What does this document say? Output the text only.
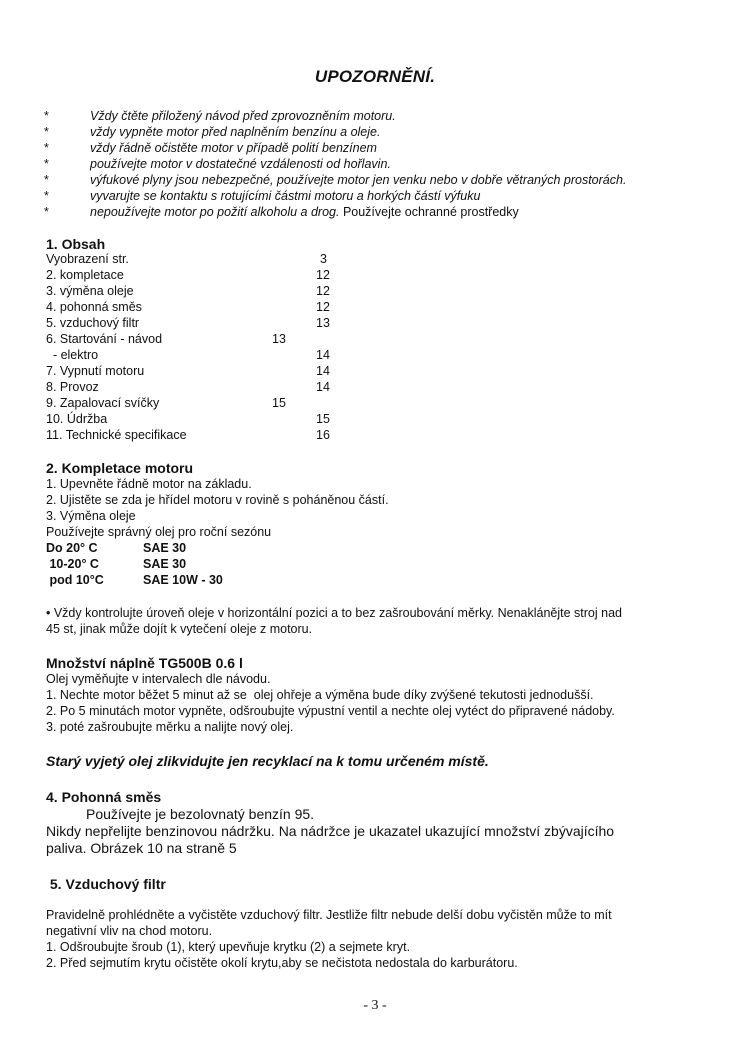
UPOZORNĚNÍ.
*	Vždy čtěte přiložený návod před zprovozněním motoru.
*	vždy vypněte motor před naplněním benzínu a oleje.
*	vždy řádně očistěte motor v případě polití benzínem
*	používejte motor v dostatečné vzdálenosti od hořlavin.
*	výfukové plyny jsou nebezpečné, používejte motor jen venku nebo v dobře větraných prostorách.
*	vyvarujte se kontaktu s rotujícími částmi motoru a horkých částí výfuku
*	nepoužívejte motor po požití alkoholu a drog. Používejte ochranné prostředky
1. Obsah
Vyobrazení str.	3
2. kompletace	12
3. výměna oleje	12
4. pohonná směs	12
5. vzduchový filtr	13
6. Startování - návod	13
- elektro	14
7. Vypnutí motoru	14
8. Provoz	14
9. Zapalovací svíčky	15
10. Údržba	15
11. Technické specifikace	16
2. Kompletace motoru
1. Upevněte řádně motor na základu.
2. Ujistěte se zda je hřídel motoru v rovině s poháněnou částí.
3. Výměna oleje
Používejte správný olej pro roční sezónu
Do 20° C	SAE 30
10-20° C	SAE 30
pod 10°C	SAE 10W - 30
• Vždy kontrolujte úroveň oleje v horizontální pozici a to bez zašroubování měrky. Nenaklánějte stroj nad
45 st, jinak může dojít k vytečení oleje z motoru.
Množství náplně TG500B 0.6 l
Olej vyměňujte v intervalech dle návodu.
1. Nechte motor běžet 5 minut až se  olej ohřeje a výměna bude díky zvýšené tekutosti jednodušší.
2. Po 5 minutách motor vypněte, odšroubujte výpustní ventil a nechte olej vytéct do připravené nádoby.
3. poté zašroubujte měrku a nalijte nový olej.
Starý vyjetý olej zlikvidujte jen recyklací na k tomu určeném místě.
4. Pohonná směs
Používejte je bezolovnatý benzín 95.
Nikdy nepřelijte benzinovou nádržku. Na nádržce je ukazatel ukazující množství zbývajícího
paliva. Obrázek 10 na straně 5
5. Vzduchový filtr
Pravidelně prohlédněte a vyčistěte vzduchový filtr. Jestliže filtr nebude delší dobu vyčistěn může to mít
negativní vliv na chod motoru.
1. Odšroubujte šroub (1), který upevňuje krytku (2) a sejmete kryt.
2. Před sejmutím krytu očistěte okolí krytu,aby se nečistota nedostala do karburátoru.
- 3 -
